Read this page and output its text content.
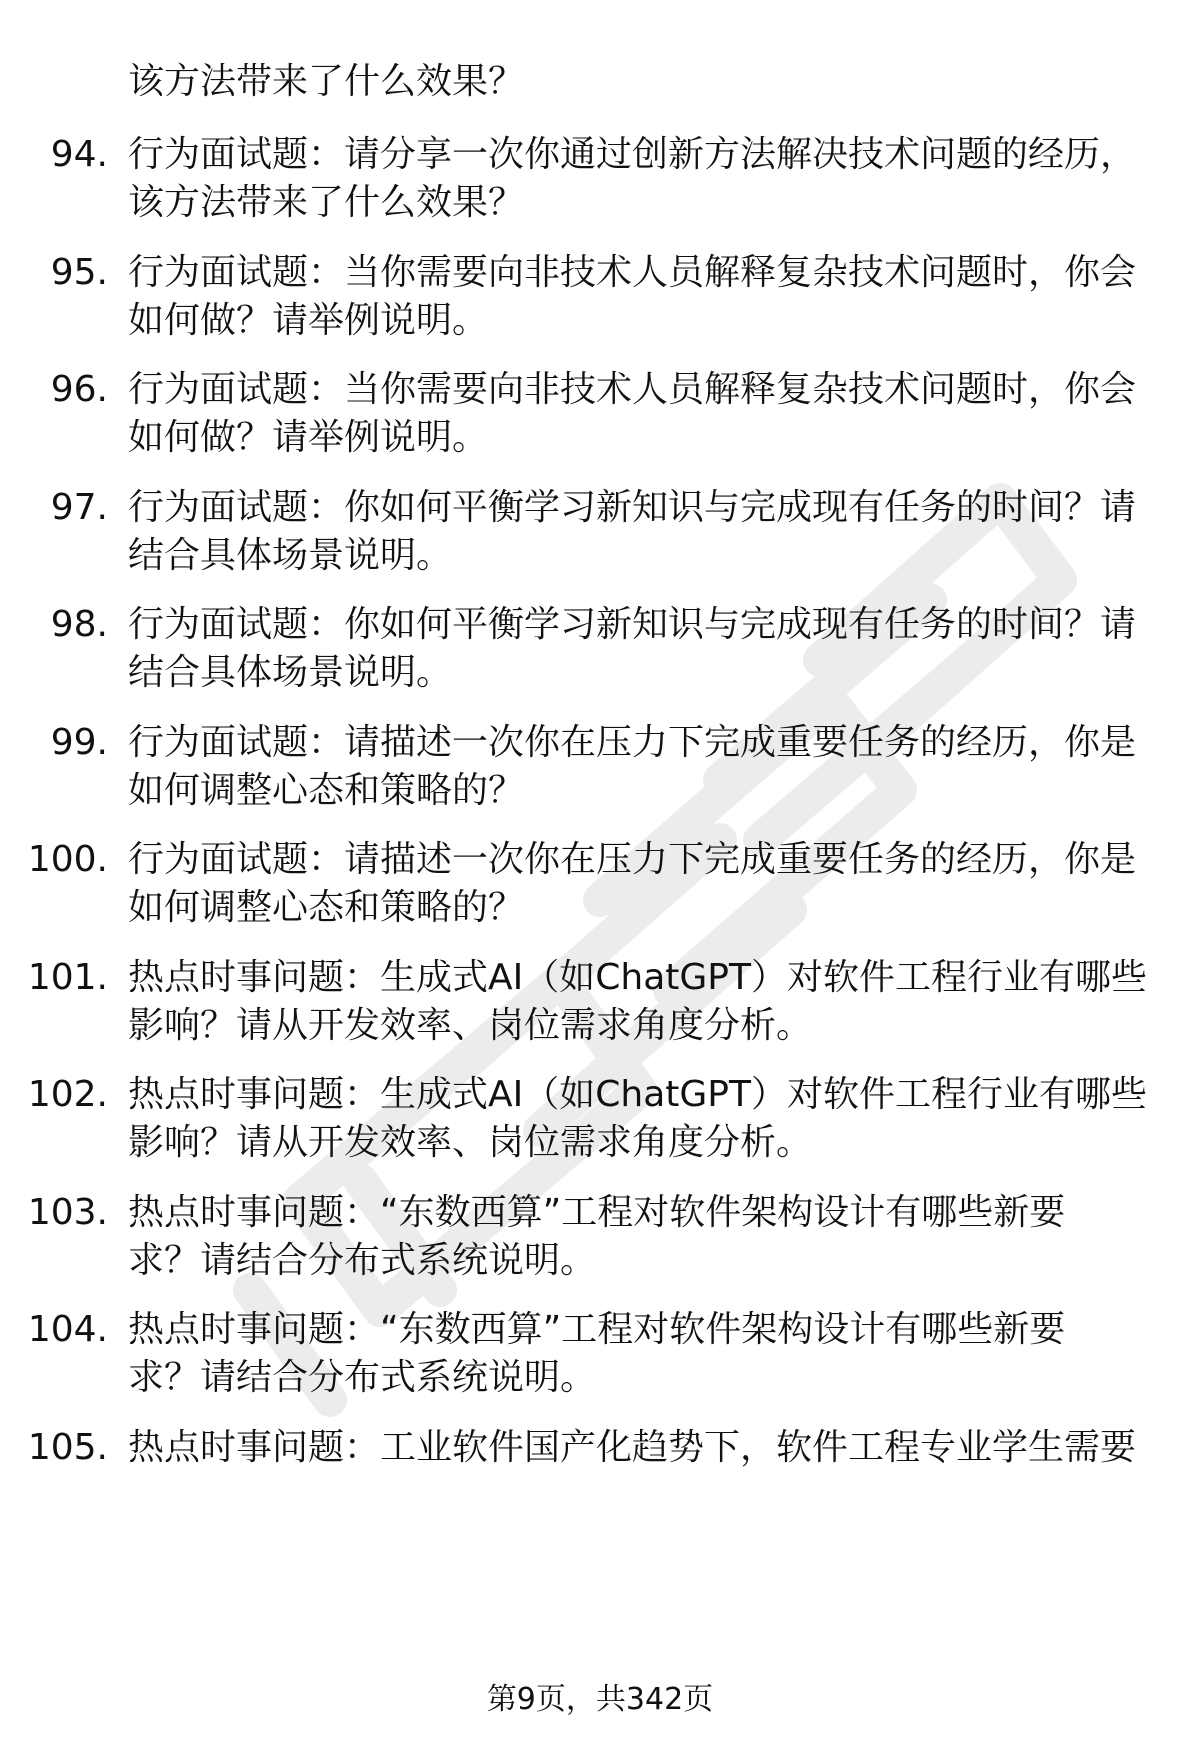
该方法带来了什么效果？
94. 行为面试题：请分享一次你通过创新方法解决技术问题的经历，
该方法带来了什么效果？
95. 行为面试题：当你需要向非技术人员解释复杂技术问题时，你会
如何做？请举例说明。
96. 行为面试题：当你需要向非技术人员解释复杂技术问题时，你会
如何做？请举例说明。
97. 行为面试题：你如何平衡学习新知识与完成现有任务的时间？请
结合具体场景说明。
98. 行为面试题：你如何平衡学习新知识与完成现有任务的时间？请
结合具体场景说明。
99. 行为面试题：请描述一次你在压力下完成重要任务的经历，你是
如何调整心态和策略的？
100. 行为面试题：请描述一次你在压力下完成重要任务的经历，你是
如何调整心态和策略的？
101. 热点时事问题：生成式AI（如ChatGPT）对软件工程行业有哪些
影响？请从开发效率、岗位需求角度分析。
102. 热点时事问题：生成式AI（如ChatGPT）对软件工程行业有哪些
影响？请从开发效率、岗位需求角度分析。
103. 热点时事问题：“东数西算”工程对软件架构设计有哪些新要
求？请结合分布式系统说明。
104. 热点时事问题：“东数西算”工程对软件架构设计有哪些新要
求？请结合分布式系统说明。
105. 热点时事问题：工业软件国产化趋势下，软件工程专业学生需要
第9页，共342页
